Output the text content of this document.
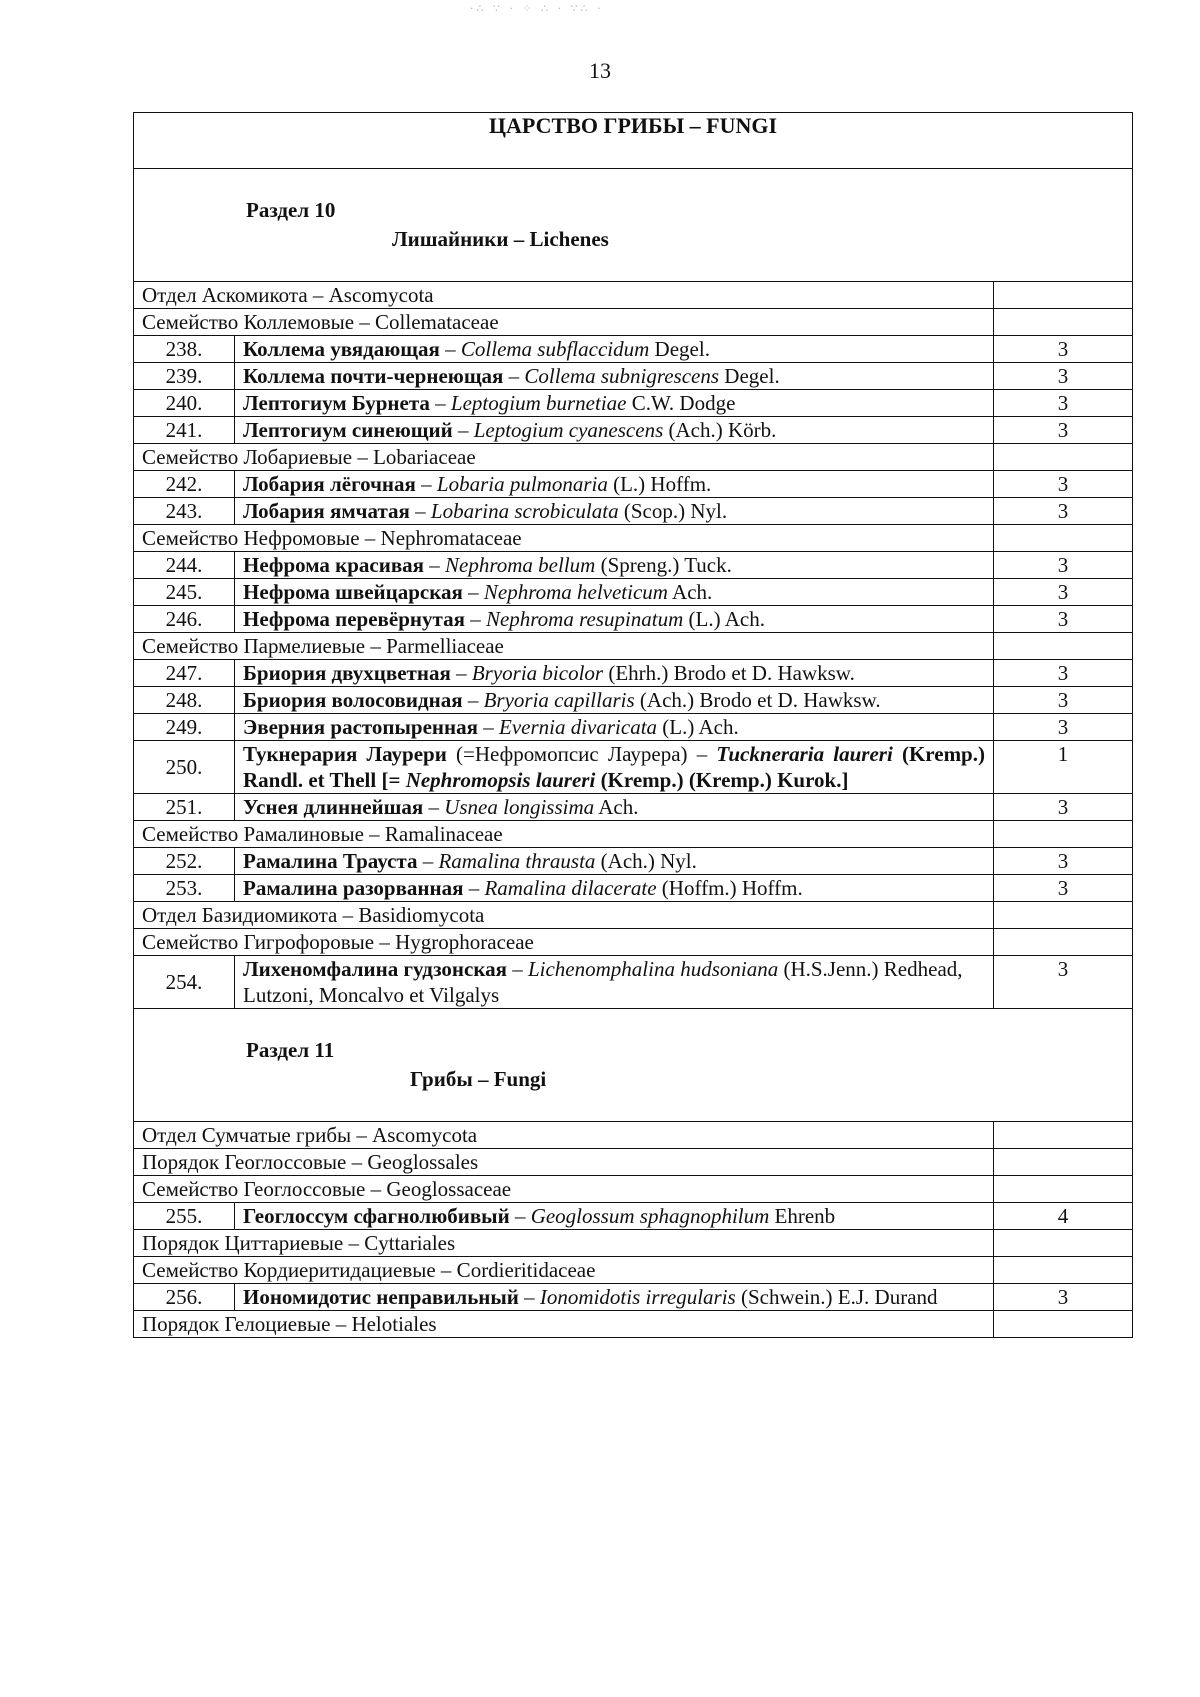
·∴ ∵ · ⁘ ∴ · ∵∴ ·
13
ЦАРСТВО ГРИБЫ – FUNGI		

Раздел 10
Лишайники – Lichenes		

Отдел Аскомикота – Ascomycota		
Семейство Коллемовые – Collemataceae		
238.	Коллема увядающая – Collema subflaccidum Degel.	3
239.	Коллема почти-чернеющая – Collema subnigrescens Degel.	3
240.	Лептогиум Бурнета – Leptogium burnetiae C.W. Dodge	3
241.	Лептогиум синеющий – Leptogium cyanescens (Ach.) Körb.	3
Семейство Лобариевые – Lobariaceae		
242.	Лобария лёгочная – Lobaria pulmonaria (L.) Hoffm.	3
243.	Лобария ямчатая – Lobarina scrobiculata (Scop.) Nyl.	3
Семейство Нефромовые – Nephromataceae		
244.	Нефрома красивая – Nephroma bellum (Spreng.) Tuck.	3
245.	Нефрома швейцарская – Nephroma helveticum Ach.	3
246.	Нефрома перевёрнутая – Nephroma resupinatum (L.) Ach.	3
Семейство Пармелиевые – Parmelliaceae		
247.	Бриория двухцветная – Bryoria bicolor (Ehrh.) Brodo et D. Hawksw.	3
248.	Бриория волосовидная – Bryoria capillaris (Ach.) Brodo et D. Hawksw.	3
249.	Эверния растопыренная – Evernia divaricata (L.) Ach.	3
250.	Тукнерария Лаурери (=Нефромопсис Лаурера) – Tuckneraria laureri (Kremp.) Randl. et Thell [= Nephromopsis laureri (Kremp.) (Kremp.) Kurok.]	1
251.	Уснея длиннейшая – Usnea longissima Ach.	3
Семейство Рамалиновые – Ramalinaceae		
252.	Рамалина Трауста – Ramalina thrausta (Ach.) Nyl.	3
253.	Рамалина разорванная – Ramalina dilacerate (Hoffm.) Hoffm.	3
Отдел Базидиомикота – Basidiomycota		
Семейство Гигрофоровые – Hygrophoraceae		
254.	Лихеномфалина гудзонская – Lichenomphalina hudsoniana (H.S.Jenn.) Redhead, Lutzoni, Moncalvo et Vilgalys	3

Раздел 11
Грибы – Fungi		

Отдел Сумчатые грибы – Ascomycota		
Порядок Геоглоссовые – Geoglossales		
Семейство Геоглоссовые – Geoglossaceae		
255.	Геоглоссум сфагнолюбивый – Geoglossum sphagnophilum Ehrenb	4
Порядок Циттариевые – Cyttariales		
Семейство Кордиеритидациевые – Cordieritidaceae		
256.	Иономидотис неправильный – Ionomidotis irregularis (Schwein.) E.J. Durand	3
Порядок Гелоциевые – Helotiales		
